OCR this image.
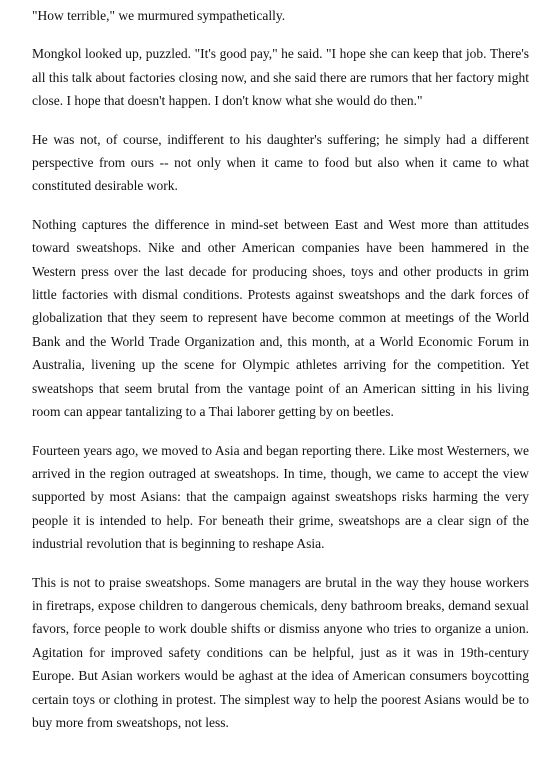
"How terrible," we murmured sympathetically.

Mongkol looked up, puzzled. "It's good pay," he said. "I hope she can keep that job. There's all this talk about factories closing now, and she said there are rumors that her factory might close. I hope that doesn't happen. I don't know what she would do then."

He was not, of course, indifferent to his daughter's suffering; he simply had a different perspective from ours -- not only when it came to food but also when it came to what constituted desirable work.

Nothing captures the difference in mind-set between East and West more than attitudes toward sweatshops. Nike and other American companies have been hammered in the Western press over the last decade for producing shoes, toys and other products in grim little factories with dismal conditions. Protests against sweatshops and the dark forces of globalization that they seem to represent have become common at meetings of the World Bank and the World Trade Organization and, this month, at a World Economic Forum in Australia, livening up the scene for Olympic athletes arriving for the competition. Yet sweatshops that seem brutal from the vantage point of an American sitting in his living room can appear tantalizing to a Thai laborer getting by on beetles.

Fourteen years ago, we moved to Asia and began reporting there. Like most Westerners, we arrived in the region outraged at sweatshops. In time, though, we came to accept the view supported by most Asians: that the campaign against sweatshops risks harming the very people it is intended to help. For beneath their grime, sweatshops are a clear sign of the industrial revolution that is beginning to reshape Asia.

This is not to praise sweatshops. Some managers are brutal in the way they house workers in firetraps, expose children to dangerous chemicals, deny bathroom breaks, demand sexual favors, force people to work double shifts or dismiss anyone who tries to organize a union. Agitation for improved safety conditions can be helpful, just as it was in 19th-century Europe. But Asian workers would be aghast at the idea of American consumers boycotting certain toys or clothing in protest. The simplest way to help the poorest Asians would be to buy more from sweatshops, not less.
